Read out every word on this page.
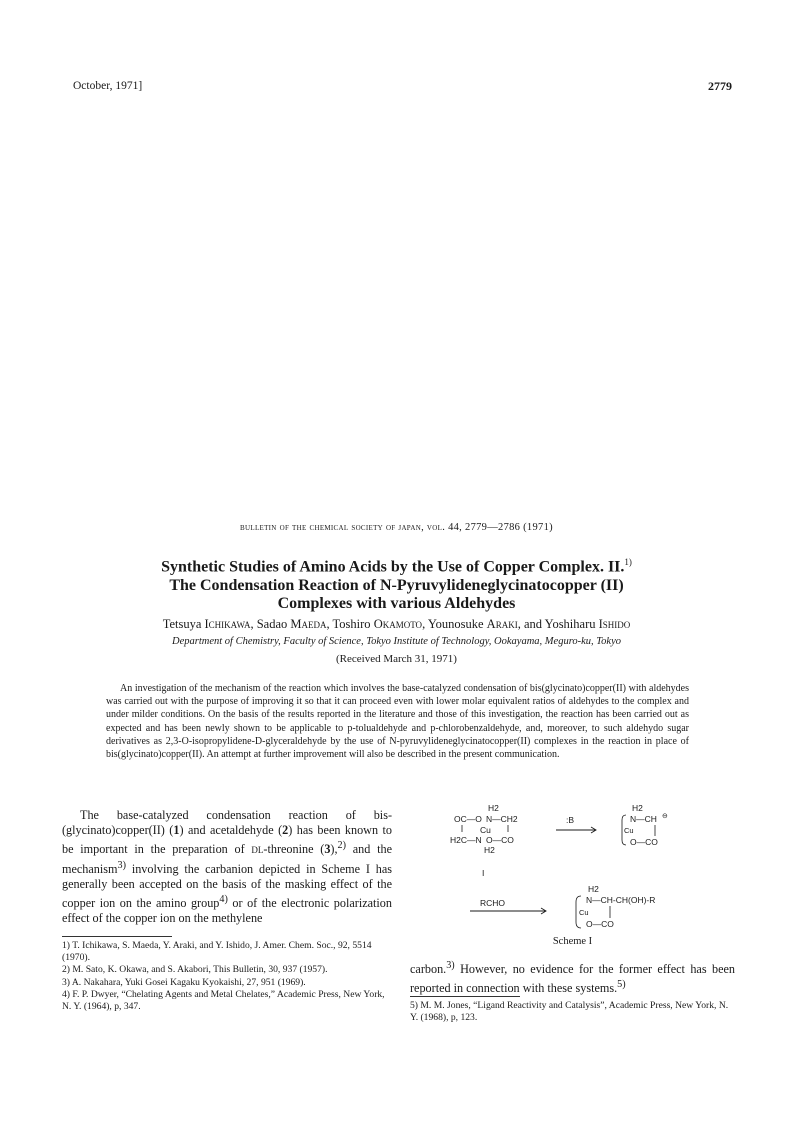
October, 1971]	2779
bulletin of the chemical society of japan, vol. 44, 2779—2786 (1971)
Synthetic Studies of Amino Acids by the Use of Copper Complex. II.$^{1)}$
The Condensation Reaction of N-Pyruvylideneglycinatocopper (II)
Complexes with various Aldehydes
Tetsuya Ichikawa, Sadao Maeda, Toshiro Okamoto, Younosuke Araki, and Yoshiharu Ishido
Department of Chemistry, Faculty of Science, Tokyo Institute of Technology, Ookayama, Meguro-ku, Tokyo
(Received March 31, 1971)
An investigation of the mechanism of the reaction which involves the base-catalyzed condensation of bis(glycinato)copper(II) with aldehydes was carried out with the purpose of improving it so that it can proceed even with lower molar equivalent ratios of aldehydes to the complex and under milder conditions. On the basis of the results reported in the literature and those of this investigation, the reaction has been carried out as expected and has been newly shown to be applicable to p-tolualdehyde and p-chlorobenzaldehyde, and, moreover, to such aldehydo sugar derivatives as 2,3-O-isopropylidene-D-glyceraldehyde by the use of N-pyruvylideneglycinatocopper(II) complexes in the reaction in place of bis(glycinato)copper(II). An attempt at further improvement will also be described in the present communication.
The base-catalyzed condensation reaction of bis-(glycinato)copper(II) (1) and acetaldehyde (2) has been known to be important in the preparation of dl-threonine (3),$^{2)}$ and the mechanism$^{3)}$ involving the carbanion depicted in Scheme I has generally been accepted on the basis of the masking effect of the copper ion on the amino group$^{4)}$ or of the electronic polarization effect of the copper ion on the methylene

1) T. Ichikawa, S. Maeda, Y. Araki, and Y. Ishido, J. Amer. Chem. Soc., 92, 5514 (1970).

2) M. Sato, K. Okawa, and S. Akabori, This Bulletin, 30, 937 (1957).

3) A. Nakahara, Yuki Gosei Kagaku Kyokaishi, 27, 951 (1969).

4) F. P. Dwyer, “Chelating Agents and Metal Chelates,” Academic Press, New York, N. Y. (1964), p, 347.

H2
OC—O N—CH2
Cu
H2C—N O—CO
H2
I
:B
H2
N—CH ⊖
Cu
O—CO
RCHO
H2
N—CH-CH(OH)-R
Cu
O—CO
Scheme I
carbon.$^{3)}$ However, no evidence for the former effect has been reported in connection with these systems.$^{5)}$

5) M. M. Jones, “Ligand Reactivity and Catalysis”, Academic Press, New York, N. Y. (1968), p, 123.
